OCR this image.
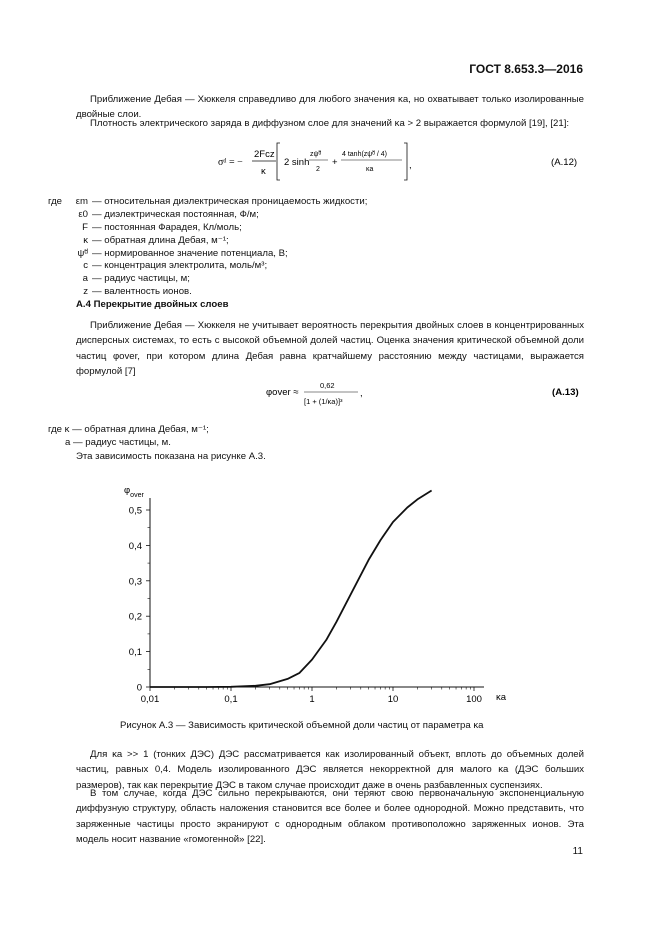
ГОСТ 8.653.3—2016
Приближение Дебая — Хюккеля справедливо для любого значения κa, но охватывает только изолированные двойные слои.
Плотность электрического заряда в диффузном слое для значений κa > 2 выражается формулой [19], [21]:
σᵈ = −
2Fcz
κ
2 sinh
zψ̃ᵈ
2
+
4 tanh(zψ̃ᵈ / 4)
κa	,	(A.12)
где	εm — относительная диэлектрическая проницаемость жидкости;
ε0 — диэлектрическая постоянная, Ф/м;
F — постоянная Фарадея, Кл/моль;
κ — обратная длина Дебая, м⁻¹;
ψ̃ᵈ — нормированное значение потенциала, В;
c — концентрация электролита, моль/м³;
a — радиус частицы, м;
z — валентность ионов.
А.4 Перекрытие двойных слоев
Приближение Дебая — Хюккеля не учитывает вероятность перекрытия двойных слоев в концентрированных дисперсных системах, то есть с высокой объемной долей частиц. Оценка значения критической объемной доли частиц φover, при котором длина Дебая равна кратчайшему расстоянию между частицами, выражается формулой [7]
φover ≈
0,62
[1 + (1/κa)]³
,	(A.13)
где κ — обратная длина Дебая, м⁻¹;
a — радиус частицы, м.
Эта зависимость показана на рисунке А.3.
0,01	0,1	1	10	100
0
0,1
0,2
0,3
0,4
0,5
$\varphi_{over}$
κa
Рисунок А.3 — Зависимость критической объемной доли частиц от параметра κa
Для κa >> 1 (тонких ДЭС) ДЭС рассматривается как изолированный объект, вплоть до объемных долей частиц, равных 0,4. Модель изолированного ДЭС является некорректной для малого κa (ДЭС больших размеров), так как перекрытие ДЭС в таком случае происходит даже в очень разбавленных суспензиях.
В том случае, когда ДЭС сильно перекрываются, они теряют свою первоначальную экспоненциальную диффузную структуру, область наложения становится все более и более однородной. Можно представить, что заряженные частицы просто экранируют с однородным облаком противоположно заряженных ионов. Эта модель носит название «гомогенной» [22].
11
